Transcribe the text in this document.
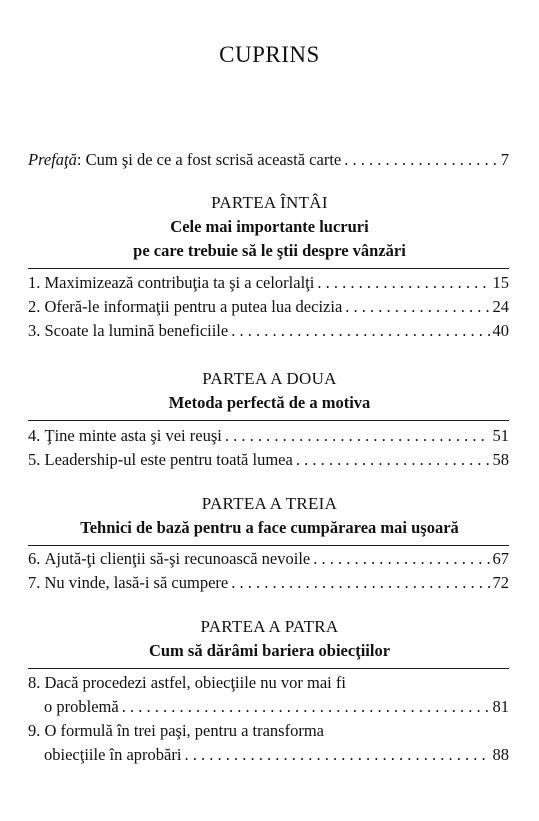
CUPRINS
Prefaţă: Cum şi de ce a fost scrisă această carte . . .	7
PARTEA ÎNTÂI
Cele mai importante lucruri
pe care trebuie să le ştii despre vânzări
1.
Maximizează contribuţia ta şi a celorlalţi . . .	15
2.
Oferă-le informaţii pentru a putea lua decizia . . .	24
3.
Scoate la lumină beneficiile . . .	40
PARTEA A DOUA
Metoda perfectă de a motiva
4.
Ţine minte asta şi vei reuşi . . .	51
5.
Leadership-ul este pentru toată lumea . . .	58
PARTEA A TREIA
Tehnici de bază pentru a face cumpărarea mai uşoară
6.
Ajută-ţi clienţii să-şi recunoască nevoile . . .	67
7.
Nu vinde, lasă-i să cumpere . . .	72
PARTEA A PATRA
Cum să dărâmi bariera obiecţiilor
8. Dacă procedezi astfel, obiecţiile nu vor mai fi
o problemă . . .	81
9. O formulă în trei paşi, pentru a transforma
obiecţiile în aprobări . . .	88
